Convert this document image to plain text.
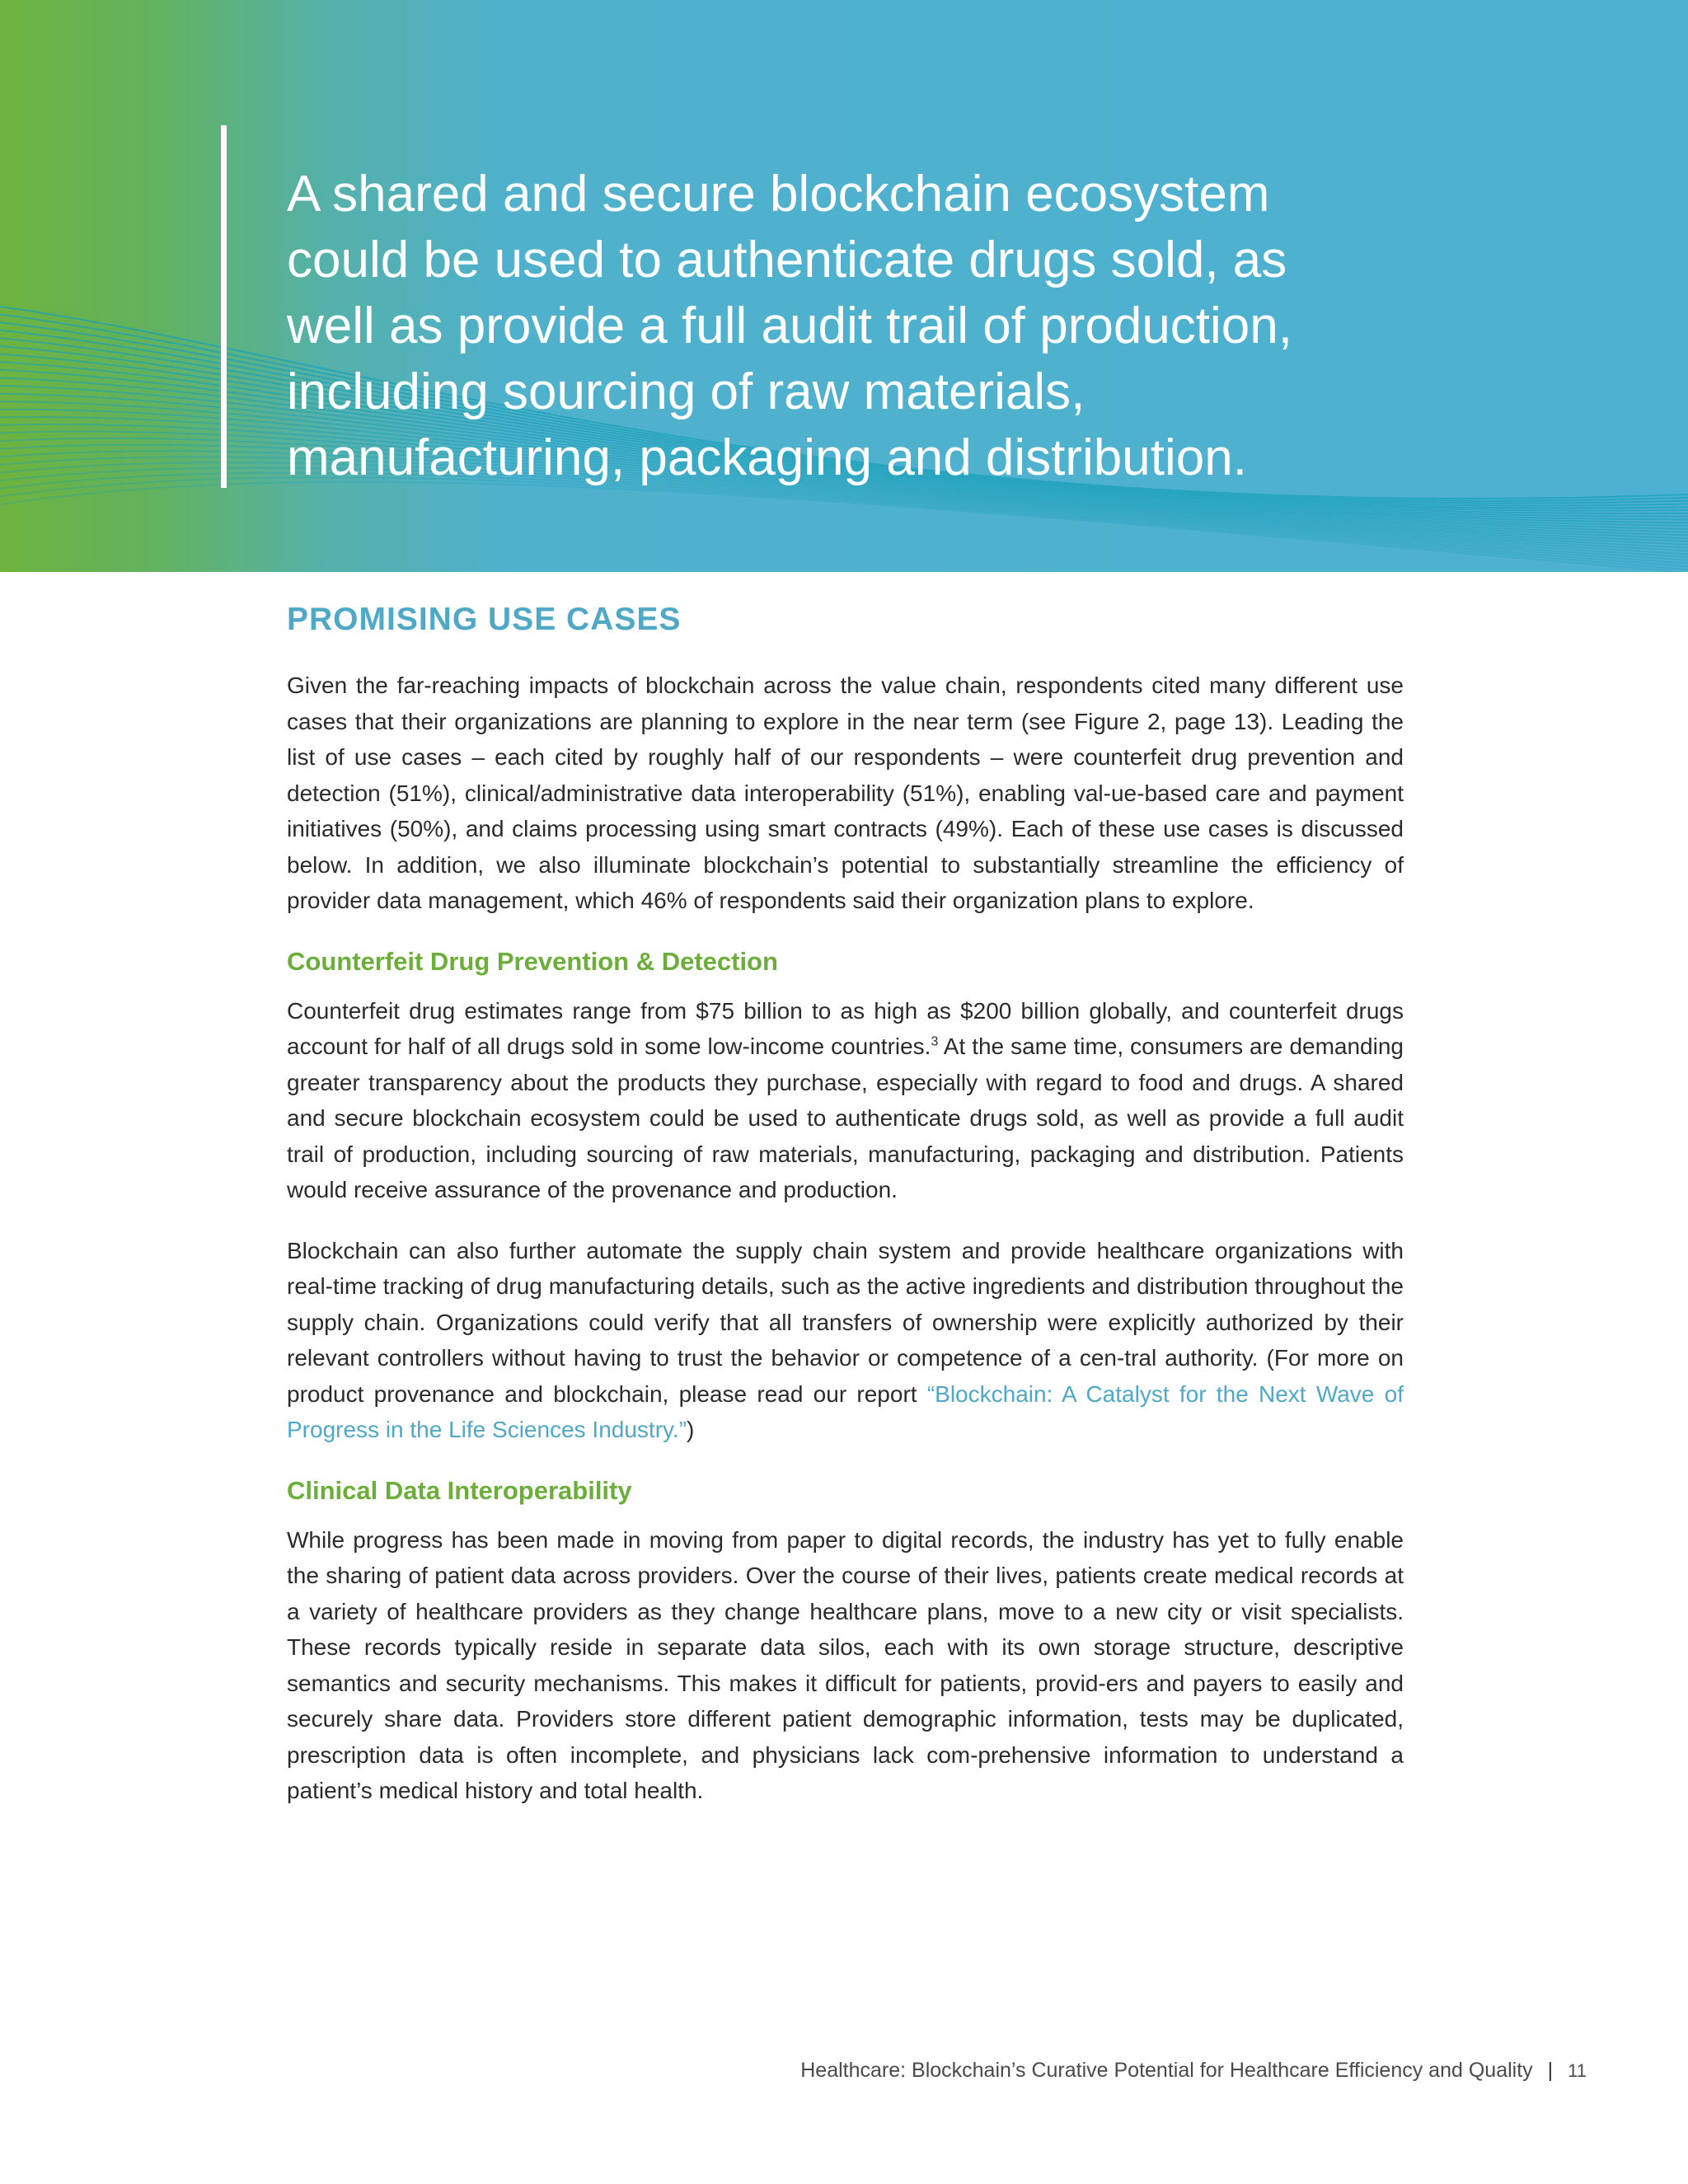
A shared and secure blockchain ecosystem could be used to authenticate drugs sold, as well as provide a full audit trail of production, including sourcing of raw materials, manufacturing, packaging and distribution.

PROMISING USE CASES

Given the far-reaching impacts of blockchain across the value chain, respondents cited many different use cases that their organizations are planning to explore in the near term (see Figure 2, page 13). Leading the list of use cases – each cited by roughly half of our respondents – were counterfeit drug prevention and detection (51%), clinical/administrative data interoperability (51%), enabling val-ue-based care and payment initiatives (50%), and claims processing using smart contracts (49%). Each of these use cases is discussed below. In addition, we also illuminate blockchain’s potential to substantially streamline the efficiency of provider data management, which 46% of respondents said their organization plans to explore.

Counterfeit Drug Prevention & Detection

Counterfeit drug estimates range from $75 billion to as high as $200 billion globally, and counterfeit drugs account for half of all drugs sold in some low-income countries.$^3$ At the same time, consumers are demanding greater transparency about the products they purchase, especially with regard to food and drugs. A shared and secure blockchain ecosystem could be used to authenticate drugs sold, as well as provide a full audit trail of production, including sourcing of raw materials, manufacturing, packaging and distribution. Patients would receive assurance of the provenance and production.

Blockchain can also further automate the supply chain system and provide healthcare organizations with real-time tracking of drug manufacturing details, such as the active ingredients and distribution throughout the supply chain. Organizations could verify that all transfers of ownership were explicitly authorized by their relevant controllers without having to trust the behavior or competence of a cen-tral authority. (For more on product provenance and blockchain, please read our report “Blockchain: A Catalyst for the Next Wave of Progress in the Life Sciences Industry.”)

Clinical Data Interoperability

While progress has been made in moving from paper to digital records, the industry has yet to fully enable the sharing of patient data across providers. Over the course of their lives, patients create medical records at a variety of healthcare providers as they change healthcare plans, move to a new city or visit specialists. These records typically reside in separate data silos, each with its own storage structure, descriptive semantics and security mechanisms. This makes it difficult for patients, provid-ers and payers to easily and securely share data. Providers store different patient demographic information, tests may be duplicated, prescription data is often incomplete, and physicians lack com-prehensive information to understand a patient’s medical history and total health.

Healthcare: Blockchain’s Curative Potential for Healthcare Efficiency and Quality | 11
